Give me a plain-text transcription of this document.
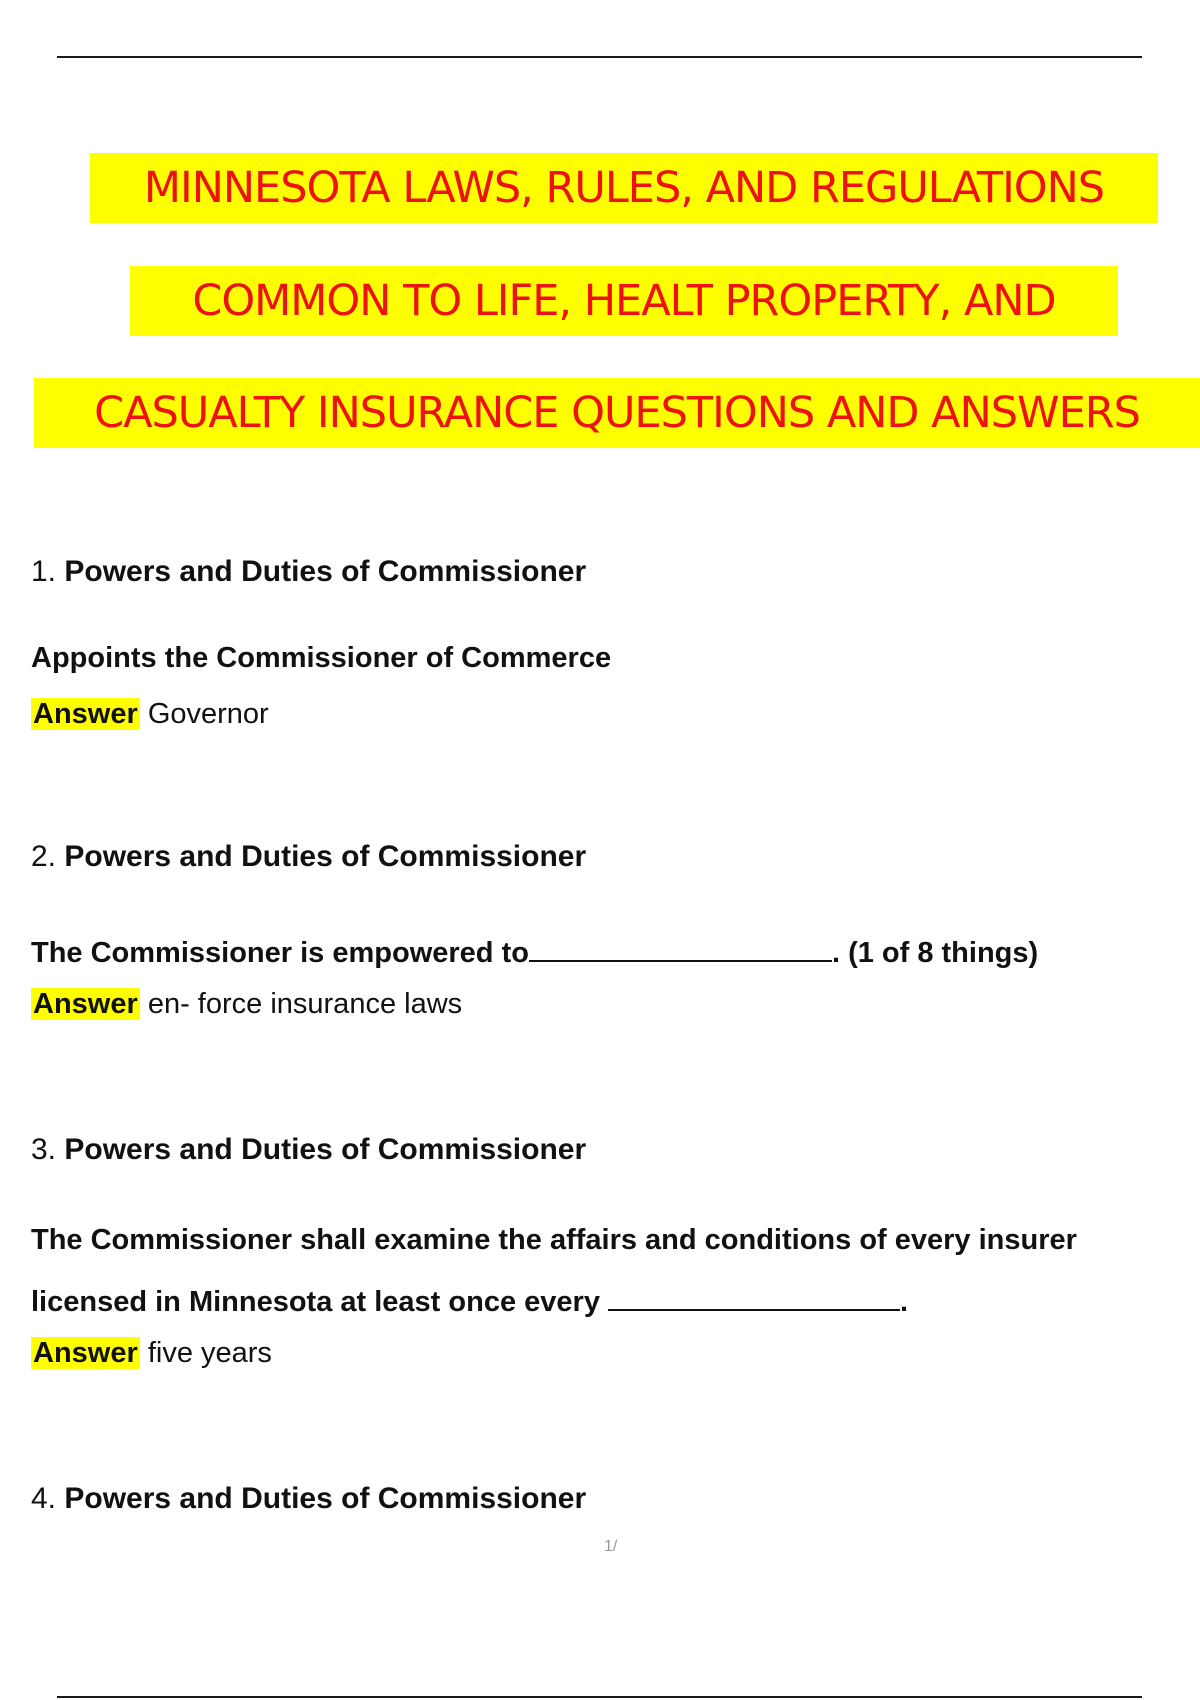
MINNESOTA LAWS, RULES, AND REGULATIONS
COMMON TO LIFE, HEALT PROPERTY, AND
CASUALTY INSURANCE QUESTIONS AND ANSWERS
1. Powers and Duties of Commissioner
Appoints the Commissioner of Commerce
Answer Governor
2. Powers and Duties of Commissioner
The Commissioner is empowered to	. (1 of 8 things)
Answer en- force insurance laws
3. Powers and Duties of Commissioner
The Commissioner shall examine the affairs and conditions of every insurer
licensed in Minnesota at least once every	.
Answer five years
4. Powers and Duties of Commissioner
1/
